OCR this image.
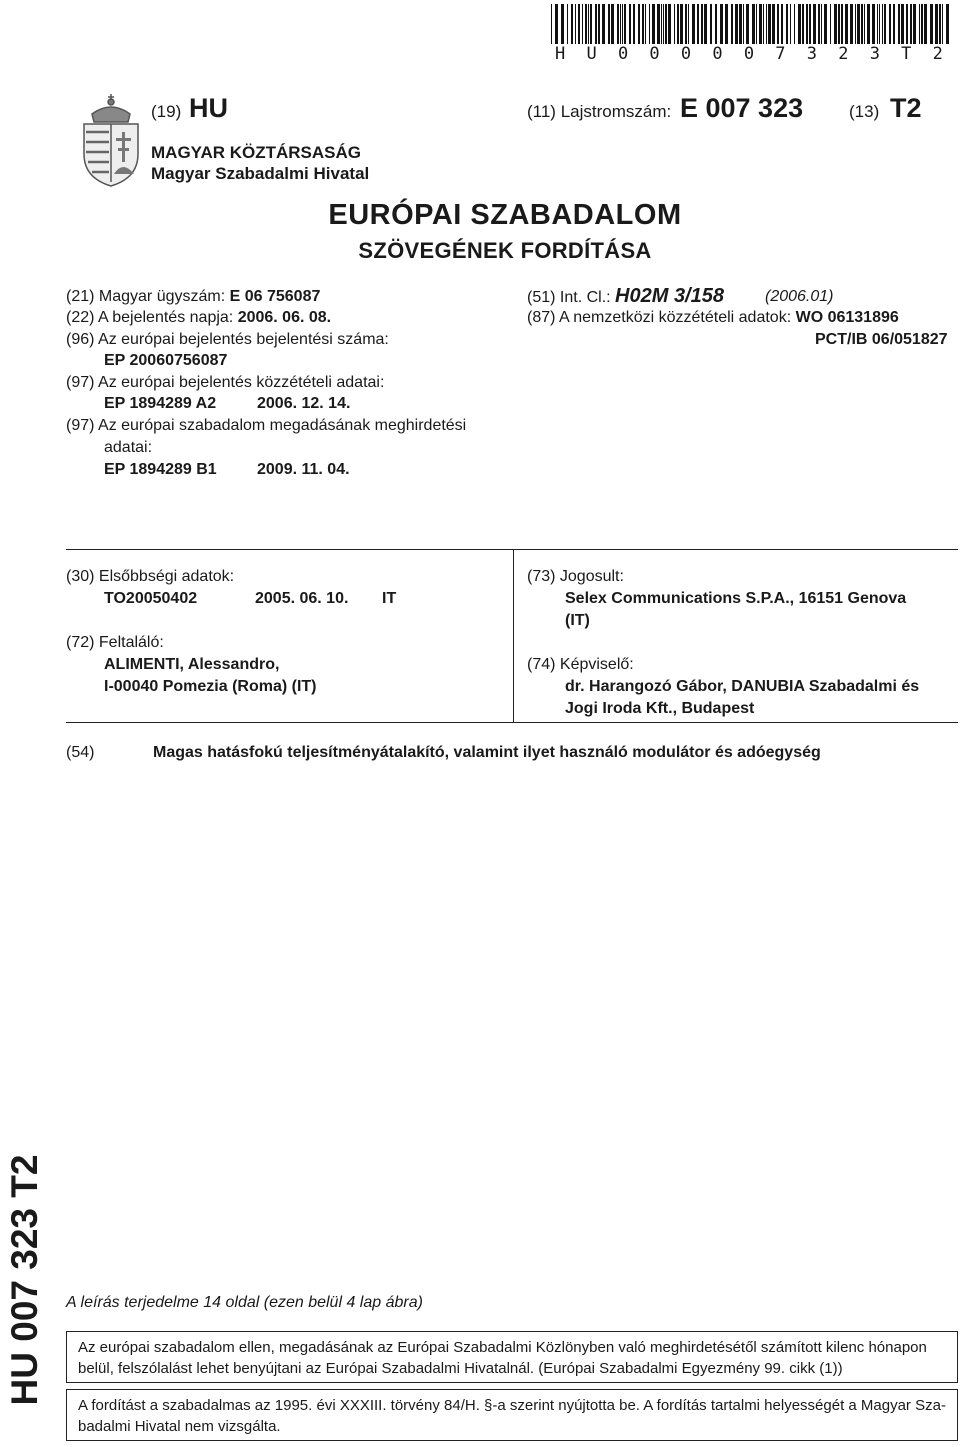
H U 0 0 0 0 0 7 3 2 3 T 2
(19) HU
MAGYAR KÖZTÁRSASÁG
Magyar Szabadalmi Hivatal
(11) Lajstromszám: E 007 323	(13) T2
EURÓPAI SZABADALOM
SZÖVEGÉNEK FORDÍTÁSA
(21) Magyar ügyszám: E 06 756087
(22) A bejelentés napja: 2006. 06. 08.
(96) Az európai bejelentés bejelentési száma:
EP 20060756087
(97) Az európai bejelentés közzétételi adatai:
EP 1894289 A2	2006. 12. 14.
(97) Az európai szabadalom megadásának meghirdetési
adatai:
EP 1894289 B1	2009. 11. 04.
(51) Int. Cl.: H02M 3/158	(2006.01)
(87) A nemzetközi közzétételi adatok: WO 06131896
PCT/IB 06/051827
(30) Elsőbbségi adatok:
TO20050402	2005. 06. 10. IT
(72) Feltaláló:
ALIMENTI, Alessandro,
I-00040 Pomezia (Roma) (IT)
(73) Jogosult:
Selex Communications S.P.A., 16151 Genova
(IT)
(74) Képviselő:
dr. Harangozó Gábor, DANUBIA Szabadalmi és
Jogi Iroda Kft., Budapest
(54)	Magas hatásfokú teljesítményátalakító, valamint ilyet használó modulátor és adóegység
HU 007 323 T2 A leírás terjedelme 14 oldal (ezen belül 4 lap ábra)
Az európai szabadalom ellen, megadásának az Európai Szabadalmi Közlönyben való meghirdetésétől számított kilenc hónapon
belül, felszólalást lehet benyújtani az Európai Szabadalmi Hivatalnál. (Európai Szabadalmi Egyezmény 99. cikk (1))
A fordítást a szabadalmas az 1995. évi XXXIII. törvény 84/H. §-a szerint nyújtotta be. A fordítás tartalmi helyességét a Magyar Sza-
badalmi Hivatal nem vizsgálta.
